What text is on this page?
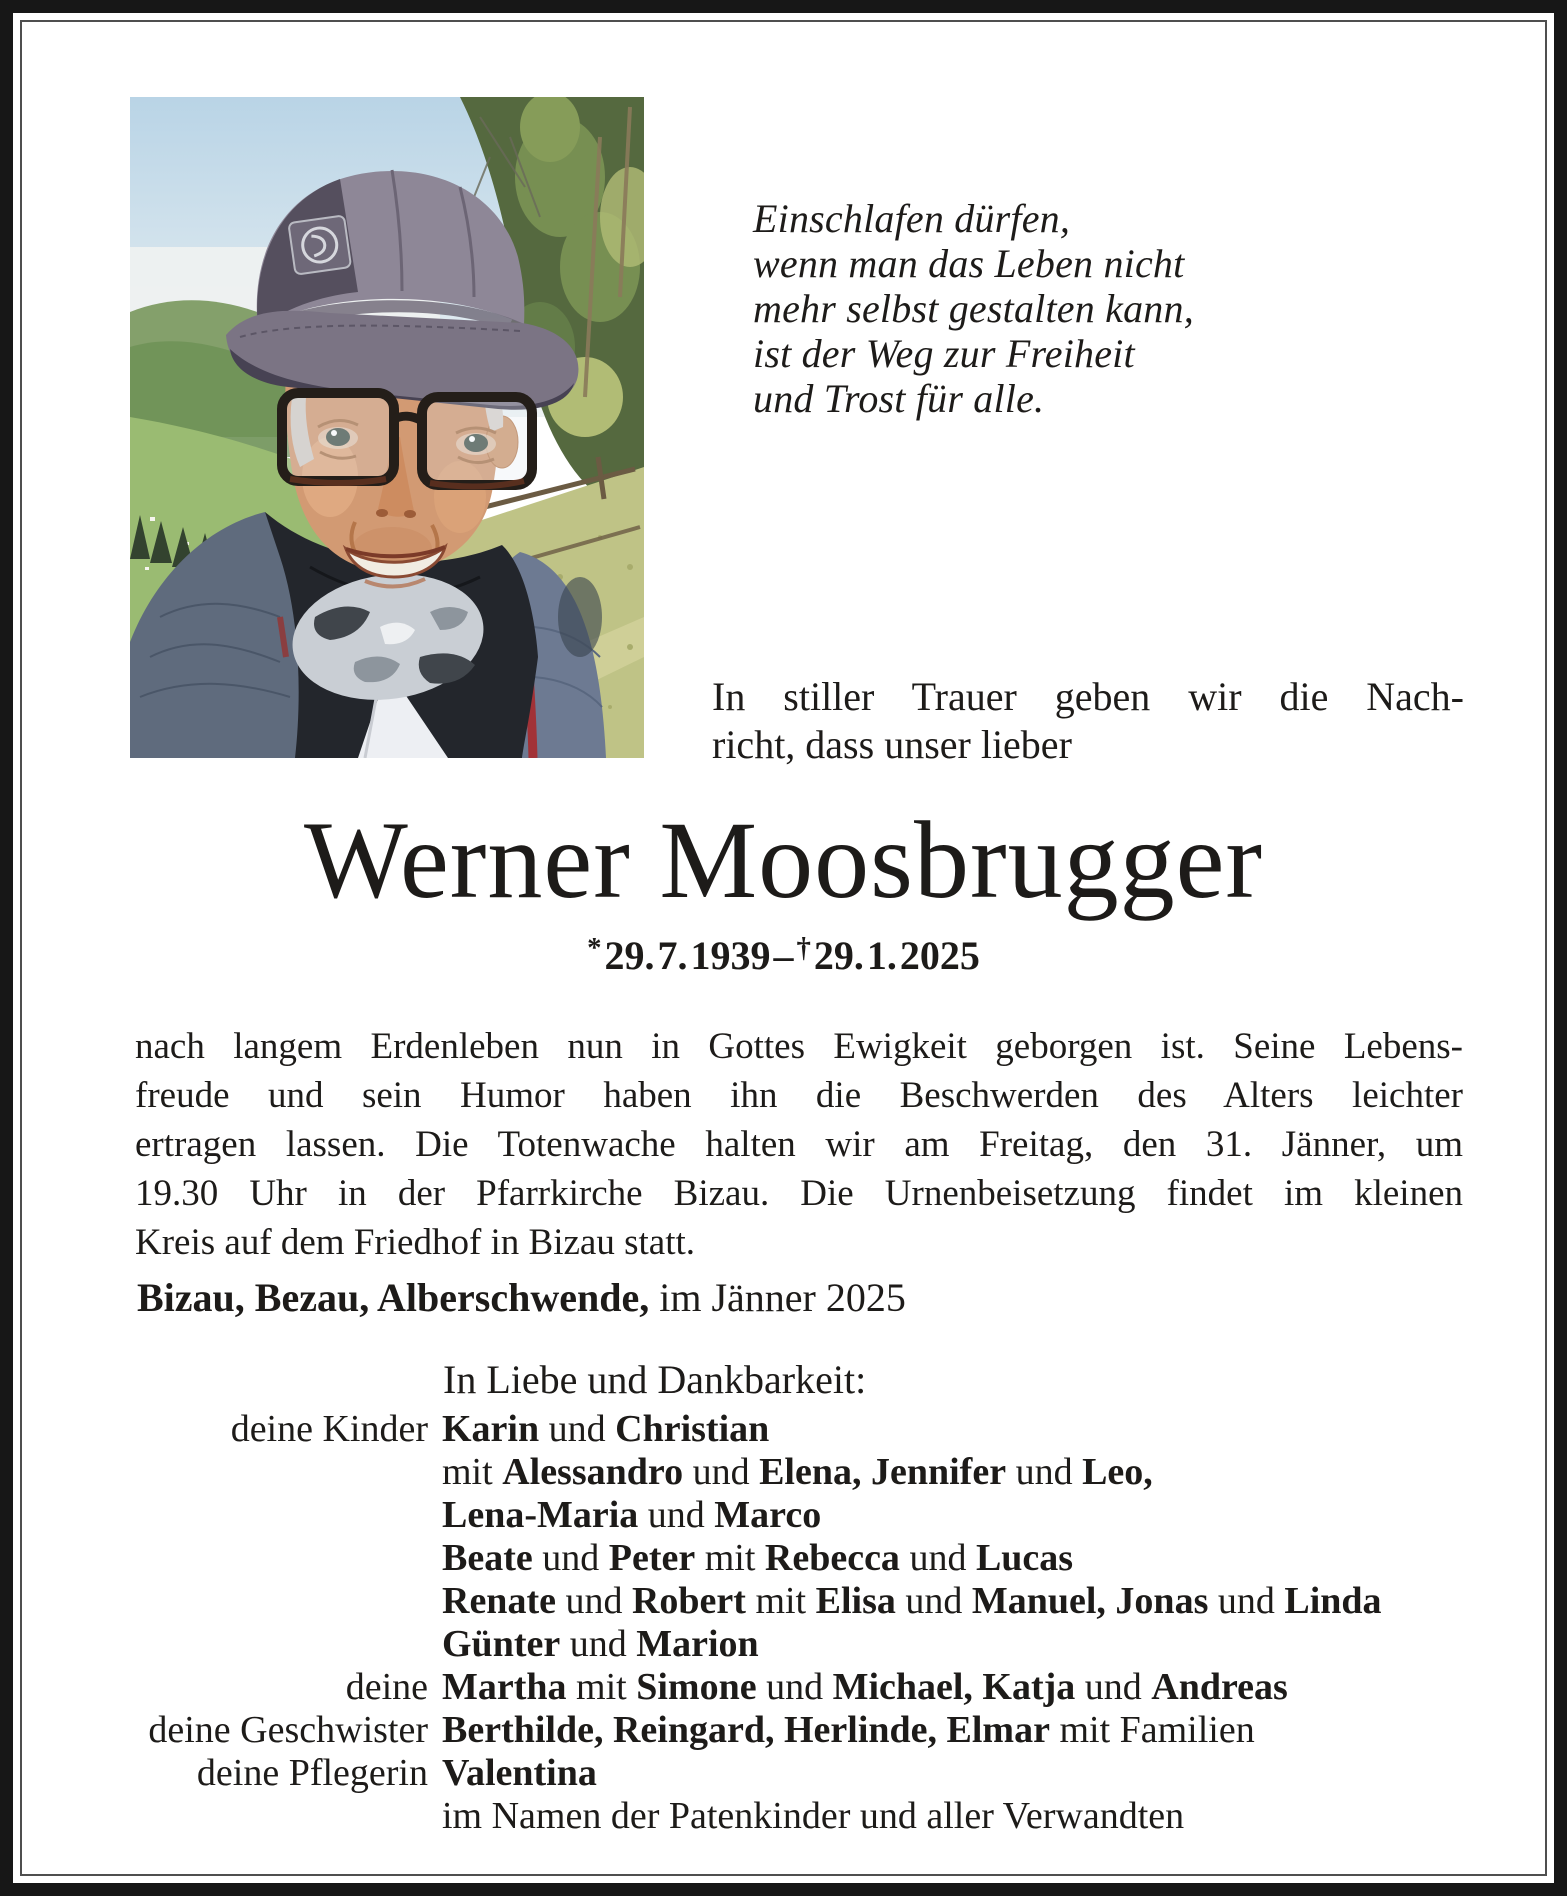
Einschlafen dürfen,
wenn man das Leben nicht
mehr selbst gestalten kann,
ist der Weg zur Freiheit
und Trost für alle.
In stiller Trauer geben wir die Nach-
richt, dass unser lieber
Werner Moosbrugger
* 29. 7. 1939 – † 29. 1. 2025
nach langem Erdenleben nun in Gottes Ewigkeit geborgen ist. Seine Lebens-
freude und sein Humor haben ihn die Beschwerden des Alters leichter
ertragen lassen. Die Totenwache halten wir am Freitag, den 31. Jänner, um
19.30 Uhr in der Pfarrkirche Bizau. Die Urnenbeisetzung findet im kleinen
Kreis auf dem Friedhof in Bizau statt.
Bizau, Bezau, Alberschwende, im Jänner 2025
In Liebe und Dankbarkeit:
deine Kinder Karin und Christian
mit Alessandro und Elena, Jennifer und Leo,
Lena-Maria und Marco
Beate und Peter mit Rebecca und Lucas
Renate und Robert mit Elisa und Manuel, Jonas und Linda
Günter und Marion
deine Martha mit Simone und Michael, Katja und Andreas
deine Geschwister Berthilde, Reingard, Herlinde, Elmar mit Familien
deine Pflegerin Valentina
im Namen der Patenkinder und aller Verwandten
